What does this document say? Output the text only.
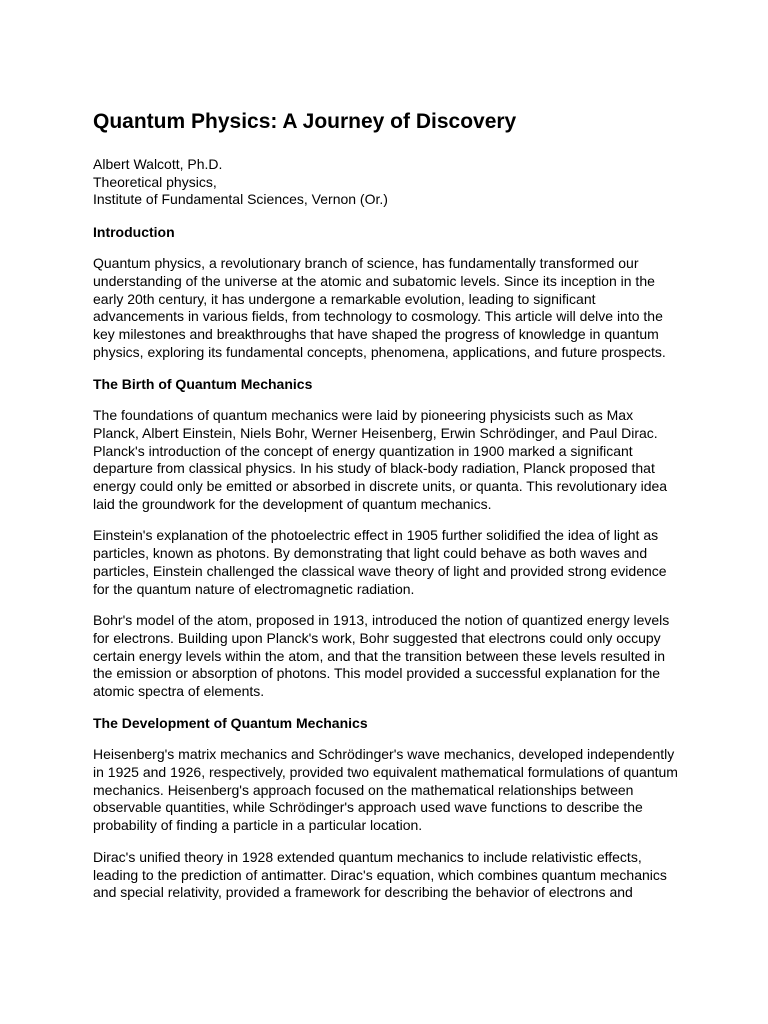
Quantum Physics: A Journey of Discovery
Albert Walcott, Ph.D.
Theoretical physics,
Institute of Fundamental Sciences, Vernon (Or.)
Introduction

Quantum physics, a revolutionary branch of science, has fundamentally transformed our understanding of the universe at the atomic and subatomic levels. Since its inception in the early 20th century, it has undergone a remarkable evolution, leading to significant advancements in various fields, from technology to cosmology. This article will delve into the key milestones and breakthroughs that have shaped the progress of knowledge in quantum physics, exploring its fundamental concepts, phenomena, applications, and future prospects.

The Birth of Quantum Mechanics

The foundations of quantum mechanics were laid by pioneering physicists such as Max Planck, Albert Einstein, Niels Bohr, Werner Heisenberg, Erwin Schrödinger, and Paul Dirac. Planck's introduction of the concept of energy quantization in 1900 marked a significant departure from classical physics. In his study of black-body radiation, Planck proposed that energy could only be emitted or absorbed in discrete units, or quanta. This revolutionary idea laid the groundwork for the development of quantum mechanics.

Einstein's explanation of the photoelectric effect in 1905 further solidified the idea of light as particles, known as photons. By demonstrating that light could behave as both waves and particles, Einstein challenged the classical wave theory of light and provided strong evidence for the quantum nature of electromagnetic radiation.

Bohr's model of the atom, proposed in 1913, introduced the notion of quantized energy levels for electrons. Building upon Planck's work, Bohr suggested that electrons could only occupy certain energy levels within the atom, and that the transition between these levels resulted in the emission or absorption of photons. This model provided a successful explanation for the atomic spectra of elements.

The Development of Quantum Mechanics

Heisenberg's matrix mechanics and Schrödinger's wave mechanics, developed independently in 1925 and 1926, respectively, provided two equivalent mathematical formulations of quantum mechanics. Heisenberg's approach focused on the mathematical relationships between observable quantities, while Schrödinger's approach used wave functions to describe the probability of finding a particle in a particular location.

Dirac's unified theory in 1928 extended quantum mechanics to include relativistic effects, leading to the prediction of antimatter. Dirac's equation, which combines quantum mechanics and special relativity, provided a framework for describing the behavior of electrons and
